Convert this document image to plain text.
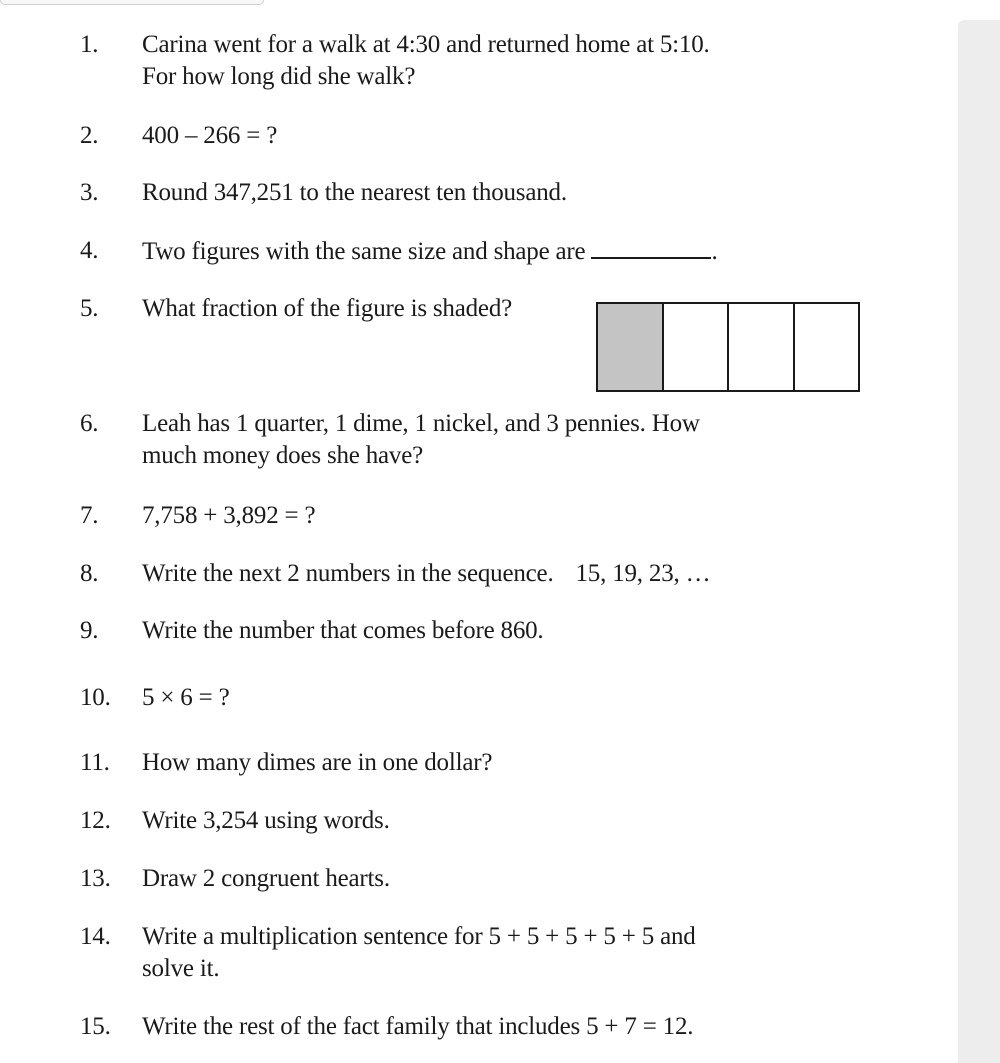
1.	Carina went for a walk at 4:30 and returned home at 5:10.
For how long did she walk?
2.	400 – 266 = ?
3.	Round 347,251 to the nearest ten thousand.
4.	Two figures with the same size and shape are	.
5.	What fraction of the figure is shaded?
6.	Leah has 1 quarter, 1 dime, 1 nickel, and 3 pennies. How
much money does she have?
7.	7,758 + 3,892 = ?
8.	Write the next 2 numbers in the sequence. 15, 19, 23, …
9.	Write the number that comes before 860.
10.	5 × 6 = ?
11.	How many dimes are in one dollar?
12.	Write 3,254 using words.
13.	Draw 2 congruent hearts.
14.	Write a multiplication sentence for 5 + 5 + 5 + 5 + 5 and
solve it.
15.	Write the rest of the fact family that includes 5 + 7 = 12.
